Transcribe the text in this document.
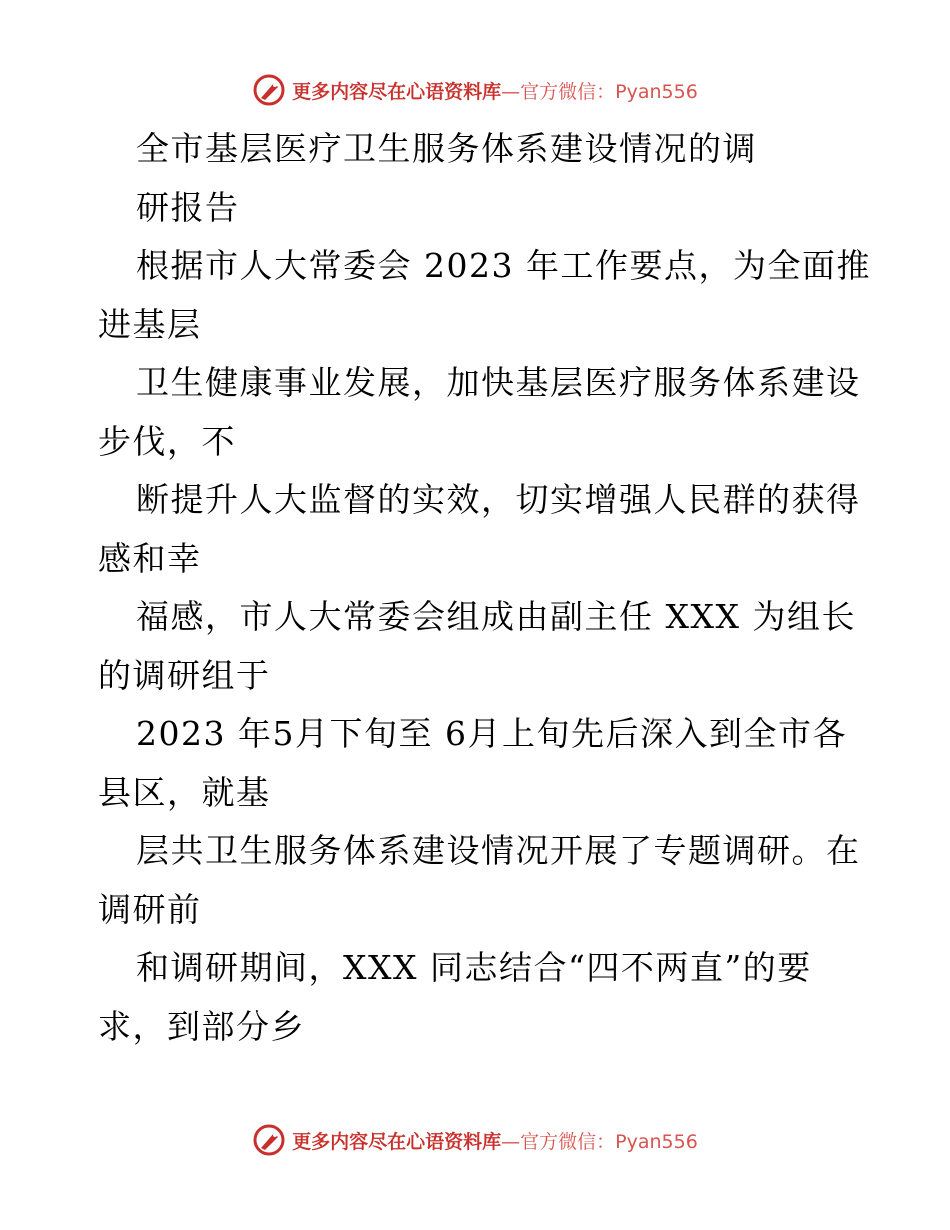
更多内容尽在心语资料库—官方微信：Pyan556
全市基层医疗卫生服务体系建设情况的调
研报告
根据市人大常委会 2023 年工作要点，为全面推
进基层
卫生健康事业发展，加快基层医疗服务体系建设
步伐，不
断提升人大监督的实效，切实增强人民群的获得
感和幸
福感，市人大常委会组成由副主任 XXX 为组长
的调研组于
2023 年5月下旬至 6月上旬先后深入到全市各
县区，就基
层共卫生服务体系建设情况开展了专题调研。在
调研前
和调研期间，XXX 同志结合“四不两直”的要
求，到部分乡
更多内容尽在心语资料库—官方微信：Pyan556
